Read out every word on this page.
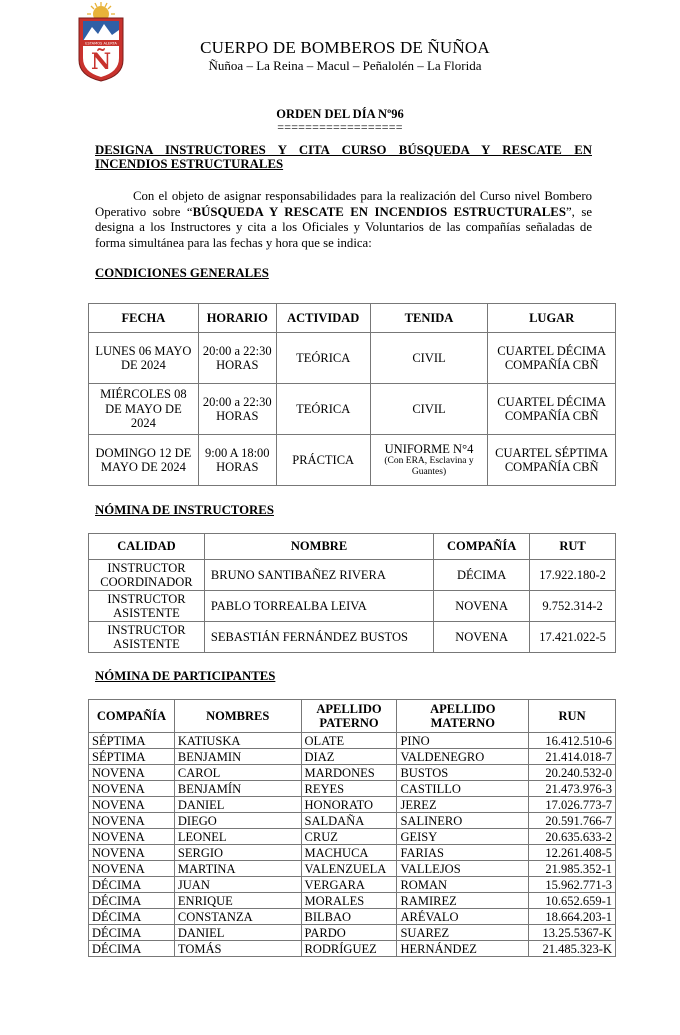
ESTAMOS ALERTA
Ñ
CUERPO DE BOMBEROS DE ÑUÑOA
Ñuñoa – La Reina – Macul – Peñalolén – La Florida
ORDEN DEL DÍA Nº96
==================
DESIGNA INSTRUCTORES Y CITA CURSO BÚSQUEDA Y RESCATE EN INCENDIOS ESTRUCTURALES

Con el objeto de asignar responsabilidades para la realización del Curso nivel Bombero Operativo sobre “BÚSQUEDA Y RESCATE EN INCENDIOS ESTRUCTURALES”, se designa a los Instructores y cita a los Oficiales y Voluntarios de las compañías señaladas de forma simultánea para las fechas y hora que se indica:

CONDICIONES GENERALES
FECHA	HORARIO	ACTIVIDAD	TENIDA	LUGAR
LUNES 06 MAYO DE 2024	20:00 a 22:30 HORAS	TEÓRICA	CIVIL	CUARTEL DÉCIMA COMPAÑÍA CBÑ
MIÉRCOLES 08 DE MAYO DE 2024	20:00 a 22:30 HORAS	TEÓRICA	CIVIL	CUARTEL DÉCIMA COMPAÑÍA CBÑ
DOMINGO 12 DE MAYO DE 2024	9:00 A 18:00 HORAS	PRÁCTICA	UNIFORME N°4
(Con ERA, Esclavina y Guantes)	CUARTEL SÉPTIMA COMPAÑÍA CBÑ
NÓMINA DE INSTRUCTORES
CALIDAD	NOMBRE	COMPAÑÍA	RUT
INSTRUCTOR COORDINADOR	BRUNO SANTIBAÑEZ RIVERA	DÉCIMA	17.922.180-2
INSTRUCTOR ASISTENTE	PABLO TORREALBA LEIVA	NOVENA	9.752.314-2
INSTRUCTOR ASISTENTE	SEBASTIÁN FERNÁNDEZ BUSTOS	NOVENA	17.421.022-5
NÓMINA DE PARTICIPANTES
COMPAÑÍA	NOMBRES	APELLIDO PATERNO	APELLIDO MATERNO	RUN
SÉPTIMA	KATIUSKA	OLATE	PINO	16.412.510-6
SÉPTIMA	BENJAMIN	DIAZ	VALDENEGRO	21.414.018-7
NOVENA	CAROL	MARDONES	BUSTOS	20.240.532-0
NOVENA	BENJAMÍN	REYES	CASTILLO	21.473.976-3
NOVENA	DANIEL	HONORATO	JEREZ	17.026.773-7
NOVENA	DIEGO	SALDAÑA	SALINERO	20.591.766-7
NOVENA	LEONEL	CRUZ	GEISY	20.635.633-2
NOVENA	SERGIO	MACHUCA	FARIAS	12.261.408-5
NOVENA	MARTINA	VALENZUELA	VALLEJOS	21.985.352-1
DÉCIMA	JUAN	VERGARA	ROMAN	15.962.771-3
DÉCIMA	ENRIQUE	MORALES	RAMIREZ	10.652.659-1
DÉCIMA	CONSTANZA	BILBAO	ARÉVALO	18.664.203-1
DÉCIMA	DANIEL	PARDO	SUAREZ	13.25.5367-K
DÉCIMA	TOMÁS	RODRÍGUEZ	HERNÁNDEZ	21.485.323-K
